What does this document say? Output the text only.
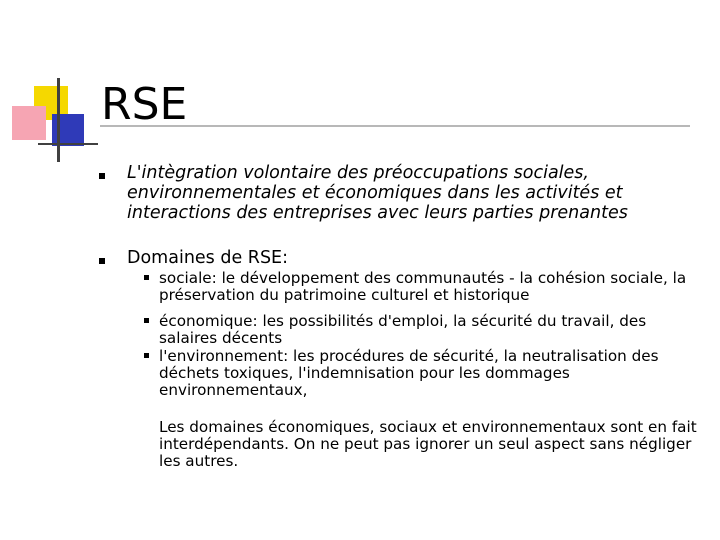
RSE
L'intègration volontaire des préoccupations sociales, environnementales et économiques dans les activités et interactions des entreprises avec leurs parties prenantes
Domaines de RSE:
sociale: le développement des communautés - la cohésion sociale, la préservation du patrimoine culturel et historique
économique: les possibilités d'emploi, la sécurité du travail, des salaires décents
l'environnement: les procédures de sécurité, la neutralisation des déchets toxiques, l'indemnisation pour les dommages environnementaux,
Les domaines économiques, sociaux et environnementaux sont en fait interdépendants. On ne peut pas ignorer un seul aspect sans négliger les autres.
